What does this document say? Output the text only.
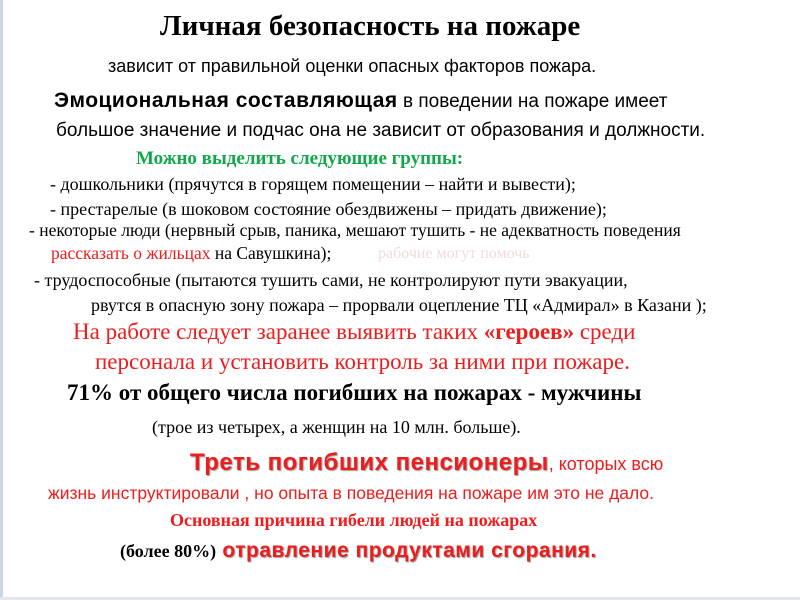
Личная безопасность на пожаре
зависит от правильной оценки опасных факторов пожара.
Эмоциональная составляющая в поведении на пожаре имеет
большое значение и подчас она не зависит от образования и должности.
Можно выделить следующие группы:
- дошкольники (прячутся в горящем помещении – найти и вывести);
- престарелые (в шоковом состояние обездвижены – придать движение);
- некоторые люди (нервный срыв, паника, мешают тушить - не адекватность поведения
рассказать о жильцах на Савушкина);	рабочие могут помочь
- трудоспособные (пытаются тушить сами, не контролируют пути эвакуации,
рвутся в опасную зону пожара – прорвали оцепление ТЦ «Адмирал» в Казани );
На работе следует заранее выявить таких «героев» среди
персонала и установить контроль за ними при пожаре.
71% от общего числа погибших на пожарах - мужчины
(трое из четырех, а женщин на 10 млн. больше).
Треть погибших пенсионеры, которых всю
жизнь инструктировали , но опыта в поведения на пожаре им это не дало.
Основная причина гибели людей на пожарах
(более 80%) отравление продуктами сгорания.
